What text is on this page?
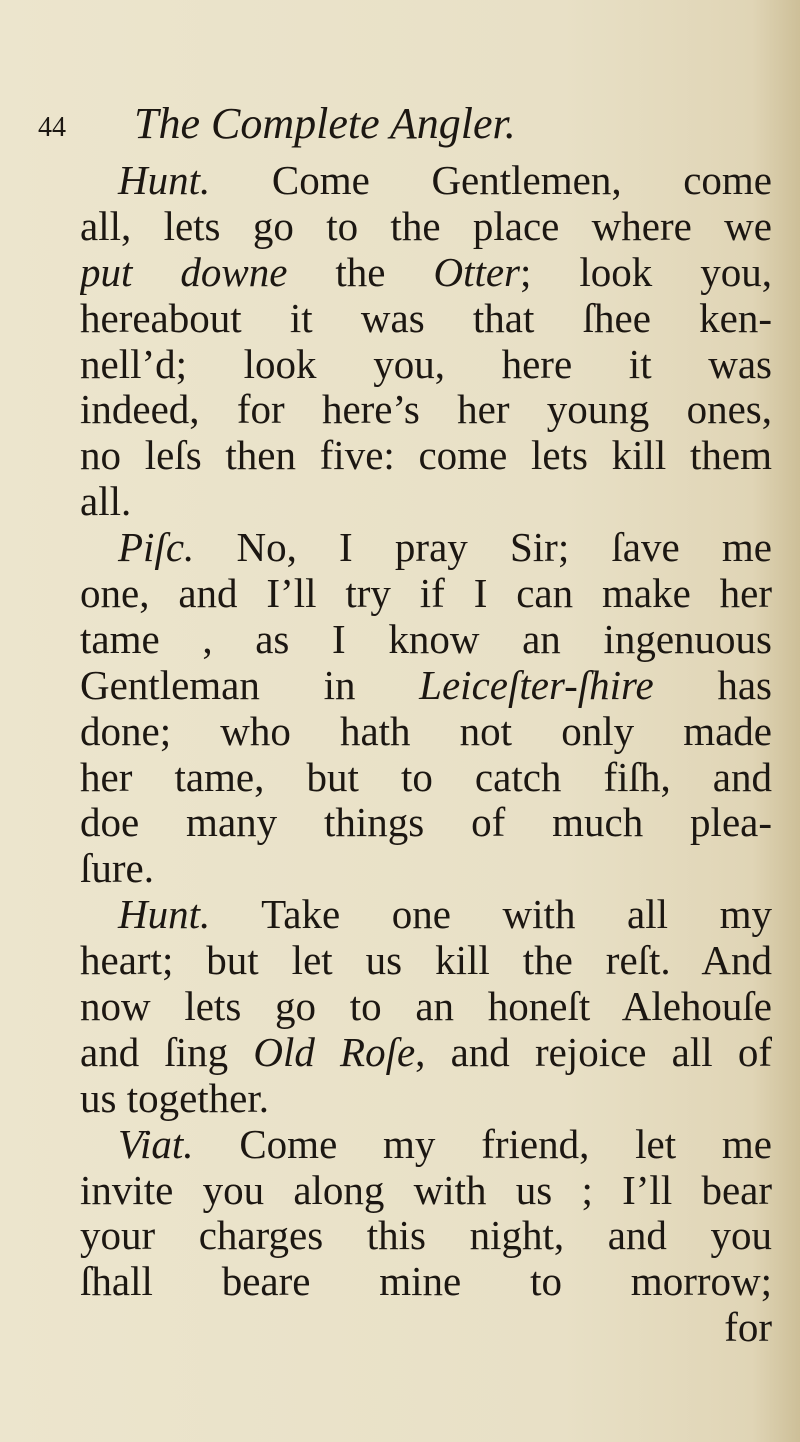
44 The Complete Angler.
Hunt. Come Gentlemen, come
all, lets go to the place where we
put downe the Otter; look you,
hereabout it was that ſhee ken-
nell’d; look you, here it was
indeed, for here’s her young ones,
no leſs then five: come lets kill them
all.
Piſc. No, I pray Sir; ſave me
one, and I’ll try if I can make her
tame , as I know an ingenuous
Gentleman in Leiceſter-ſhire has
done; who hath not only made
her tame, but to catch fiſh, and
doe many things of much plea-
ſure.
Hunt. Take one with all my
heart; but let us kill the reſt. And
now lets go to an honeſt Alehouſe
and ſing Old Roſe, and rejoice all of
us together.
Viat. Come my friend, let me
invite you along with us ; I’ll bear
your charges this night, and you
ſhall beare mine to morrow;
for
